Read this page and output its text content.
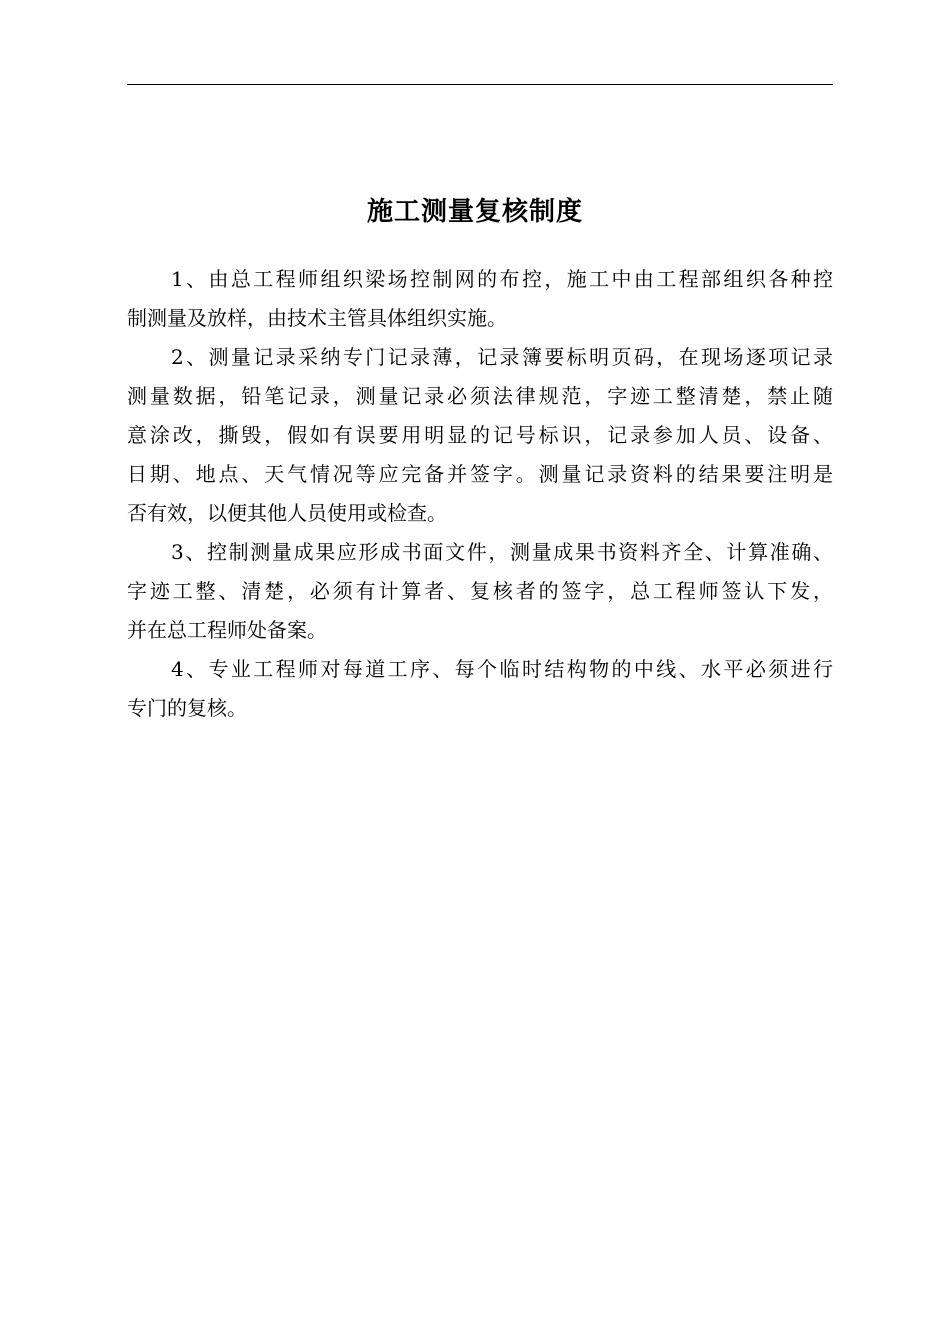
施工测量复核制度

1、由总工程师组织梁场控制网的布控，施工中由工程部组织各种控
制测量及放样，由技术主管具体组织实施。

2、测量记录采纳专门记录薄，记录簿要标明页码，在现场逐项记录
测量数据，铅笔记录，测量记录必须法律规范，字迹工整清楚，禁止随
意涂改，撕毁，假如有误要用明显的记号标识，记录参加人员、设备、
日期、地点、天气情况等应完备并签字。测量记录资料的结果要注明是
否有效，以便其他人员使用或检查。

3、控制测量成果应形成书面文件，测量成果书资料齐全、计算准确、
字迹工整、清楚，必须有计算者、复核者的签字，总工程师签认下发，
并在总工程师处备案。

4、专业工程师对每道工序、每个临时结构物的中线、水平必须进行
专门的复核。
